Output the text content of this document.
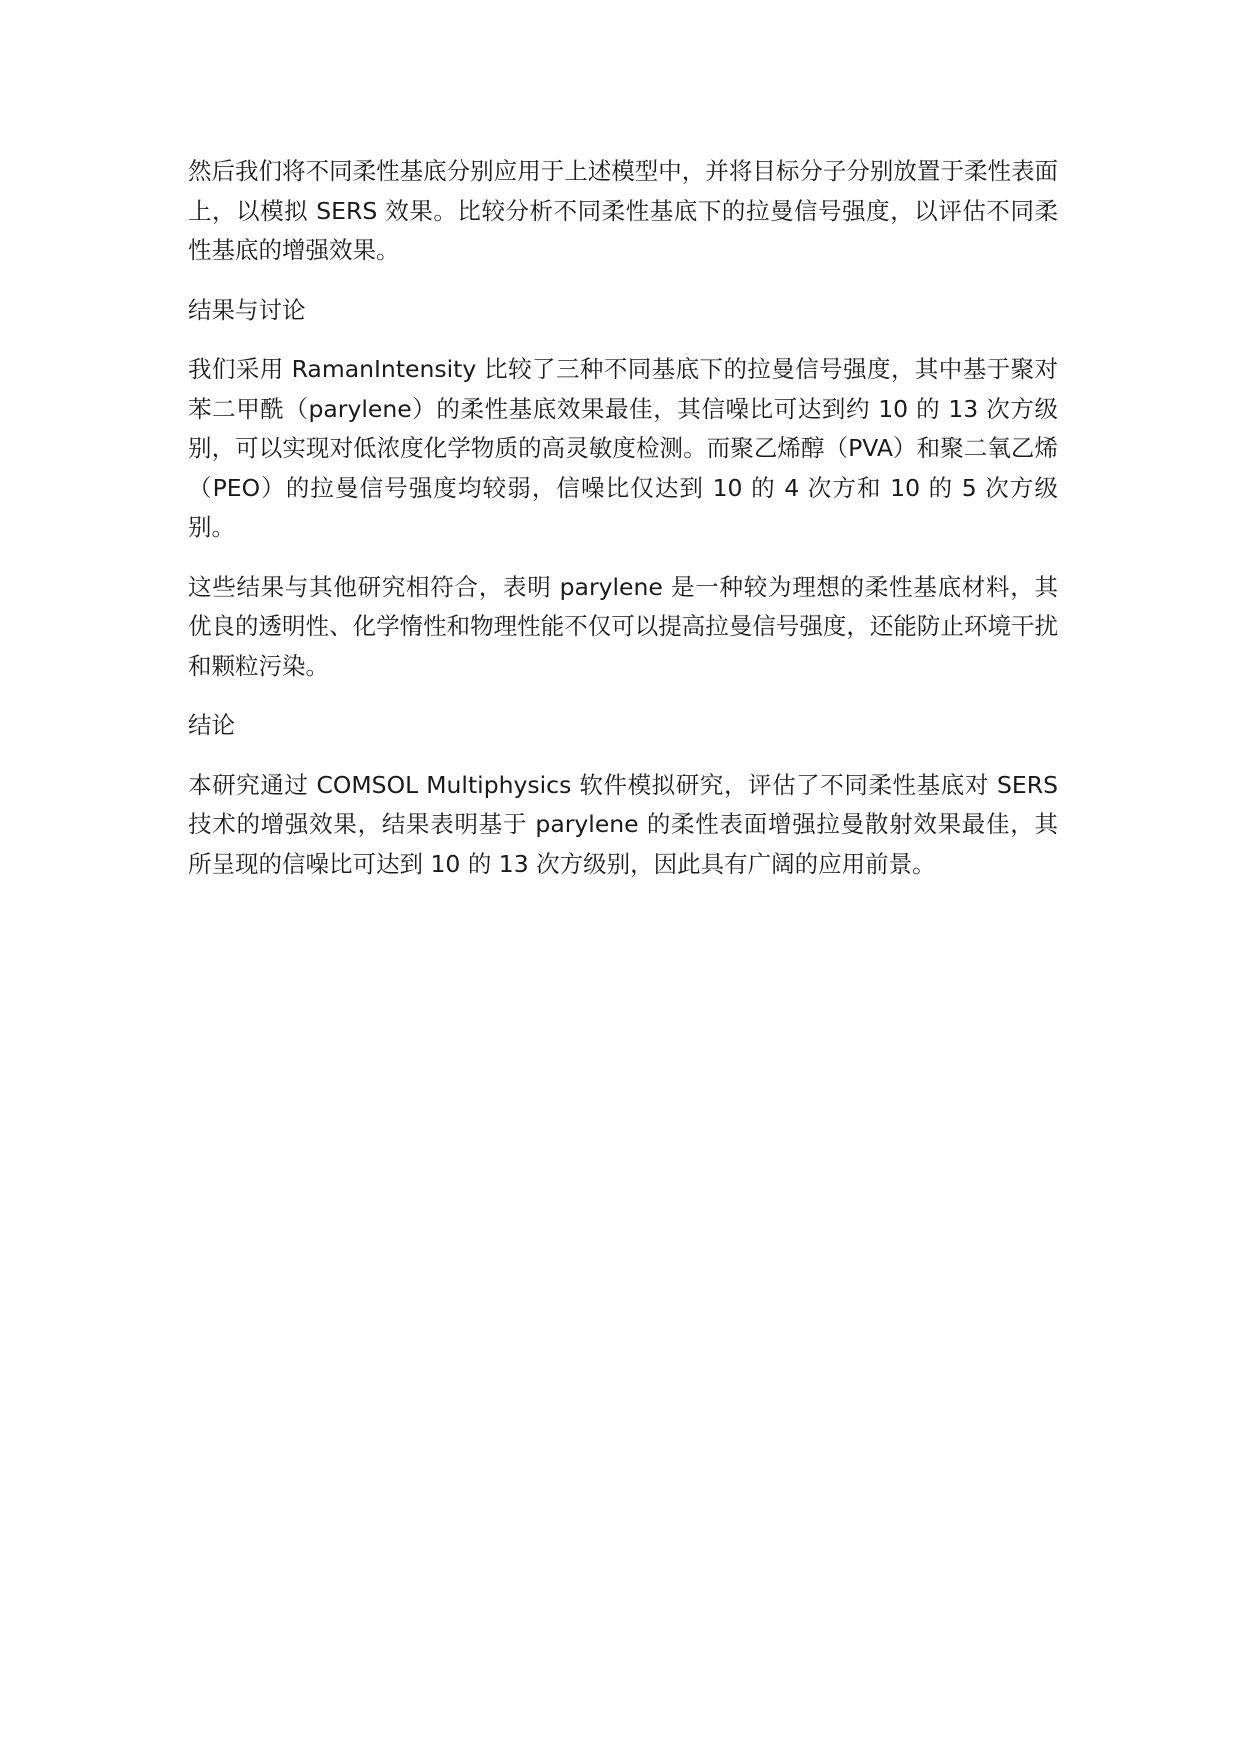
然后我们将不同柔性基底分别应用于上述模型中，并将目标分子分别放置于柔性表面上，以模拟 SERS 效果。比较分析不同柔性基底下的拉曼信号强度，以评估不同柔性基底的增强效果。

结果与讨论

我们采用 RamanIntensity 比较了三种不同基底下的拉曼信号强度，其中基于聚对苯二甲酰（parylene）的柔性基底效果最佳，其信噪比可达到约 10 的 13 次方级别，可以实现对低浓度化学物质的高灵敏度检测。而聚乙烯醇（PVA）和聚二氧乙烯（PEO）的拉曼信号强度均较弱，信噪比仅达到 10 的 4 次方和 10 的 5 次方级别。

这些结果与其他研究相符合，表明 parylene 是一种较为理想的柔性基底材料，其优良的透明性、化学惰性和物理性能不仅可以提高拉曼信号强度，还能防止环境干扰和颗粒污染。

结论

本研究通过 COMSOL Multiphysics 软件模拟研究，评估了不同柔性基底对 SERS 技术的增强效果，结果表明基于 parylene 的柔性表面增强拉曼散射效果最佳，其所呈现的信噪比可达到 10 的 13 次方级别，因此具有广阔的应用前景。
